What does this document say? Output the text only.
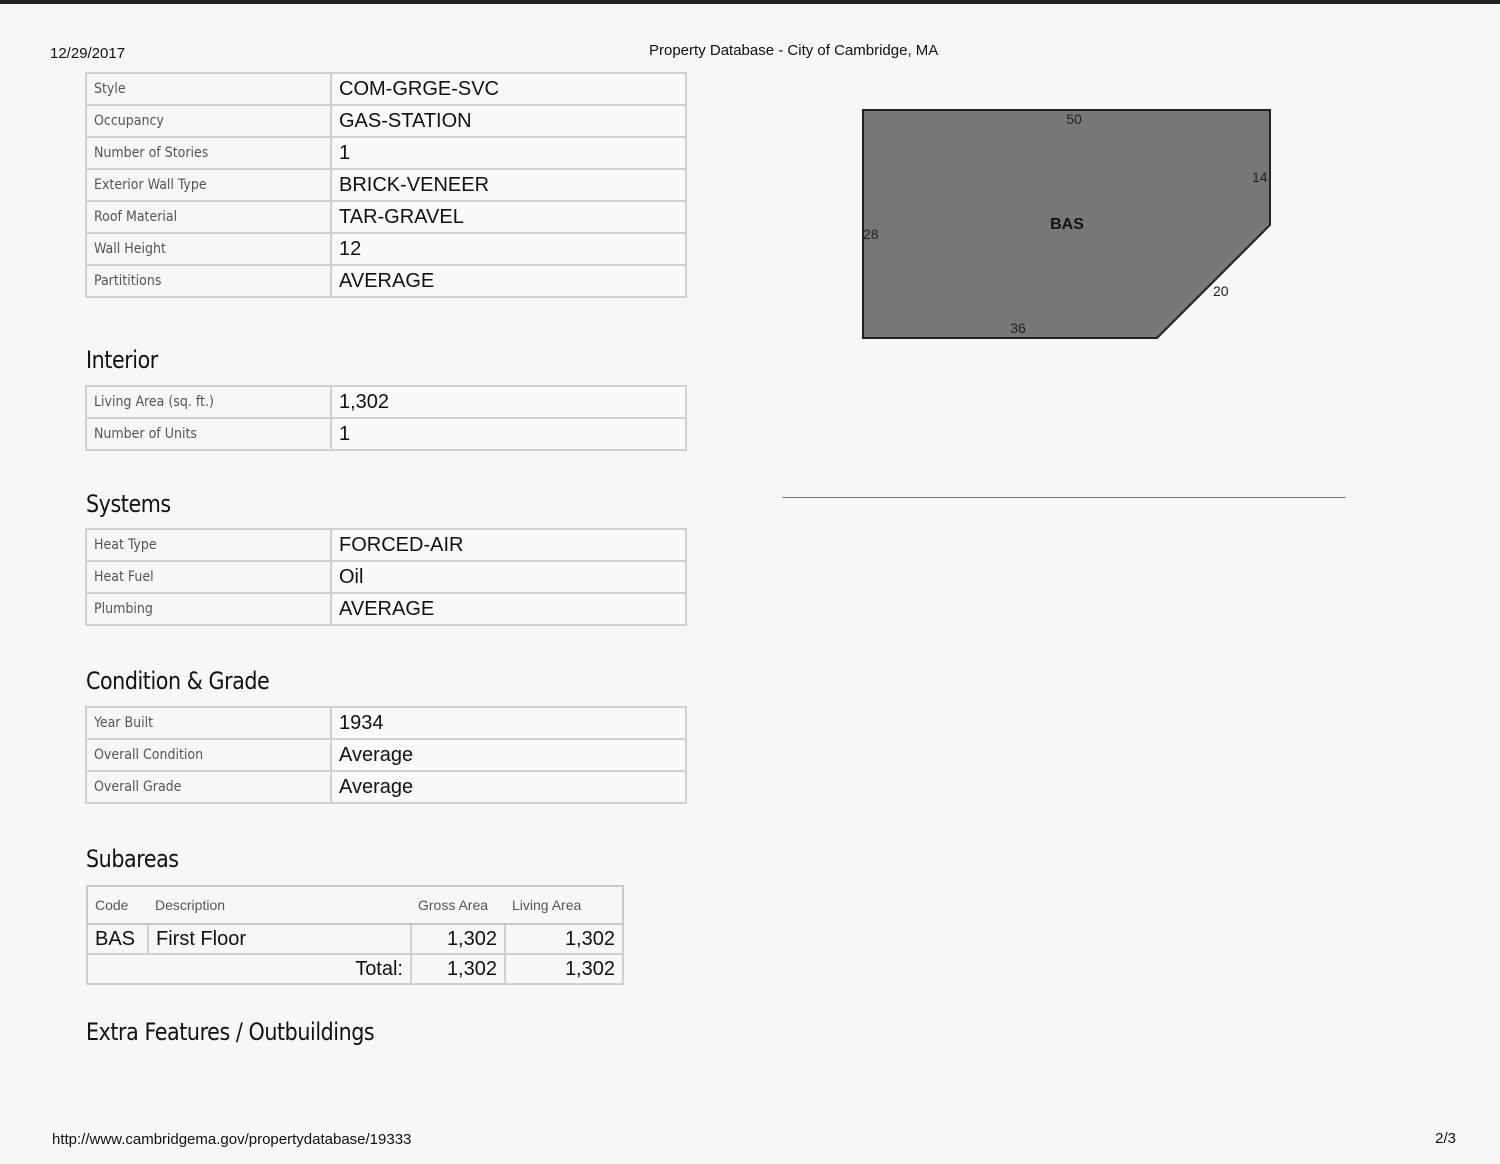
12/29/2017	Property Database - City of Cambridge, MA
Style	COM-GRGE-SVC
Occupancy	GAS-STATION
Number of Stories	1
Exterior Wall Type	BRICK-VENEER
Roof Material	TAR-GRAVEL
Wall Height	12
Partititions	AVERAGE
Interior
Living Area (sq. ft.)	1,302
Number of Units	1
Systems
Heat Type	FORCED-AIR
Heat Fuel	Oil
Plumbing	AVERAGE
Condition & Grade
Year Built	1934
Overall Condition	Average
Overall Grade	Average
Subareas
Code	Description	Gross Area	Living Area
BAS	First Floor	1,302	1,302
Total:		1,302	1,302
Extra Features / Outbuildings
50
14
28
20
36
BAS
http://www.cambridgema.gov/propertydatabase/19333	2/3
